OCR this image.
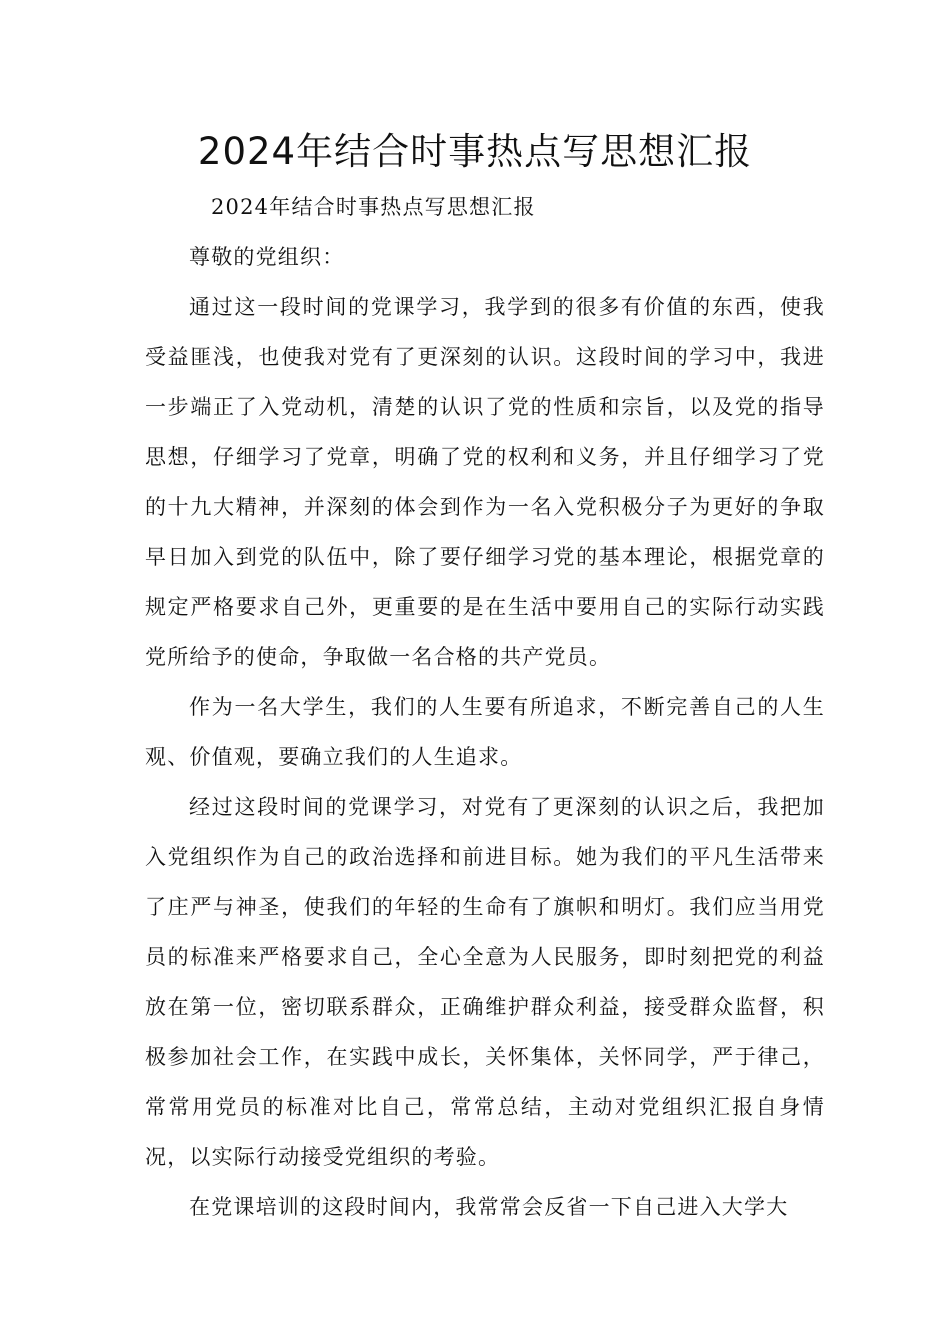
2024年结合时事热点写思想汇报

2024年结合时事热点写思想汇报

尊敬的党组织：

通过这一段时间的党课学习，我学到的很多有价值的东西，使我受益匪浅，也使我对党有了更深刻的认识。这段时间的学习中，我进一步端正了入党动机，清楚的认识了党的性质和宗旨，以及党的指导思想，仔细学习了党章，明确了党的权利和义务，并且仔细学习了党的十九大精神，并深刻的体会到作为一名入党积极分子为更好的争取早日加入到党的队伍中，除了要仔细学习党的基本理论，根据党章的规定严格要求自己外，更重要的是在生活中要用自己的实际行动实践党所给予的使命，争取做一名合格的共产党员。

作为一名大学生，我们的人生要有所追求，不断完善自己的人生观、价值观，要确立我们的人生追求。

经过这段时间的党课学习，对党有了更深刻的认识之后，我把加入党组织作为自己的政治选择和前进目标。她为我们的平凡生活带来了庄严与神圣，使我们的年轻的生命有了旗帜和明灯。我们应当用党员的标准来严格要求自己，全心全意为人民服务，即时刻把党的利益放在第一位，密切联系群众，正确维护群众利益，接受群众监督，积极参加社会工作，在实践中成长，关怀集体，关怀同学，严于律己，常常用党员的标准对比自己，常常总结，主动对党组织汇报自身情况，以实际行动接受党组织的考验。

在党课培训的这段时间内，我常常会反省一下自己进入大学大
